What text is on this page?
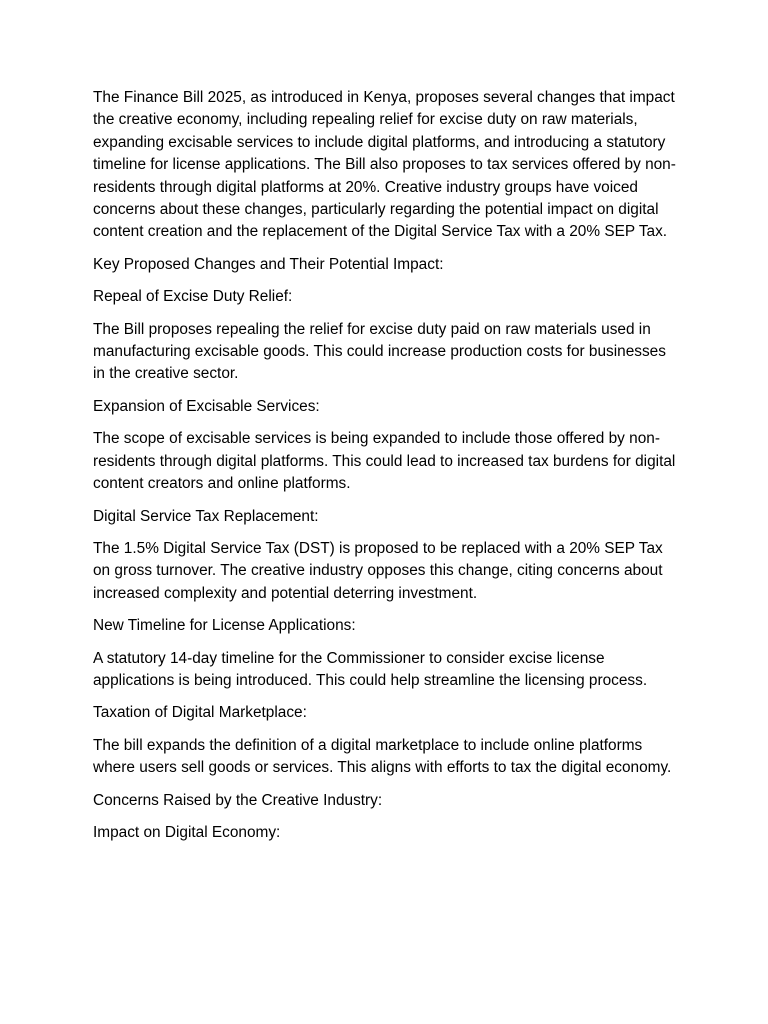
The Finance Bill 2025, as introduced in Kenya, proposes several changes that impact the creative economy, including repealing relief for excise duty on raw materials, expanding excisable services to include digital platforms, and introducing a statutory timeline for license applications. The Bill also proposes to tax services offered by non-residents through digital platforms at 20%. Creative industry groups have voiced concerns about these changes, particularly regarding the potential impact on digital content creation and the replacement of the Digital Service Tax with a 20% SEP Tax.

Key Proposed Changes and Their Potential Impact:

Repeal of Excise Duty Relief:

The Bill proposes repealing the relief for excise duty paid on raw materials used in manufacturing excisable goods. This could increase production costs for businesses in the creative sector.

Expansion of Excisable Services:

The scope of excisable services is being expanded to include those offered by non-residents through digital platforms. This could lead to increased tax burdens for digital content creators and online platforms.

Digital Service Tax Replacement:

The 1.5% Digital Service Tax (DST) is proposed to be replaced with a 20% SEP Tax on gross turnover. The creative industry opposes this change, citing concerns about increased complexity and potential deterring investment.

New Timeline for License Applications:

A statutory 14-day timeline for the Commissioner to consider excise license applications is being introduced. This could help streamline the licensing process.

Taxation of Digital Marketplace:

The bill expands the definition of a digital marketplace to include online platforms where users sell goods or services. This aligns with efforts to tax the digital economy.

Concerns Raised by the Creative Industry:

Impact on Digital Economy:
